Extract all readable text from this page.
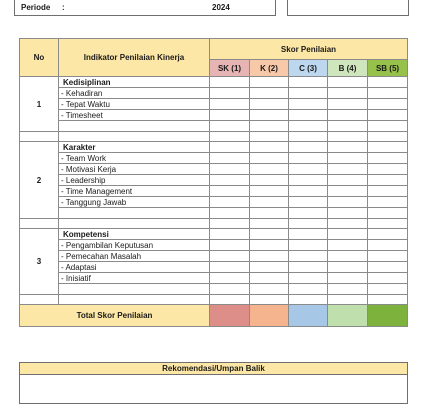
Periode :	2024
No	Indikator Penilaian Kinerja	Skor Penilaian				
		SK (1)	K (2)	C (3)	B (4)	SB (5)
1	Kedisiplinan					
	- Kehadiran					
	- Tepat Waktu					
	- Timesheet					

2	Karakter					
	- Team Work					
	- Motivasi Kerja					
	- Leadership					
	- Time Management					
	- Tanggung Jawab					

3	Kompetensi					
	- Pengambilan Keputusan					
	- Pemecahan Masalah					
	- Adaptasi					
	- Inisiatif					

Total Skor Penilaian						
Rekomendasi/Umpan Balik
